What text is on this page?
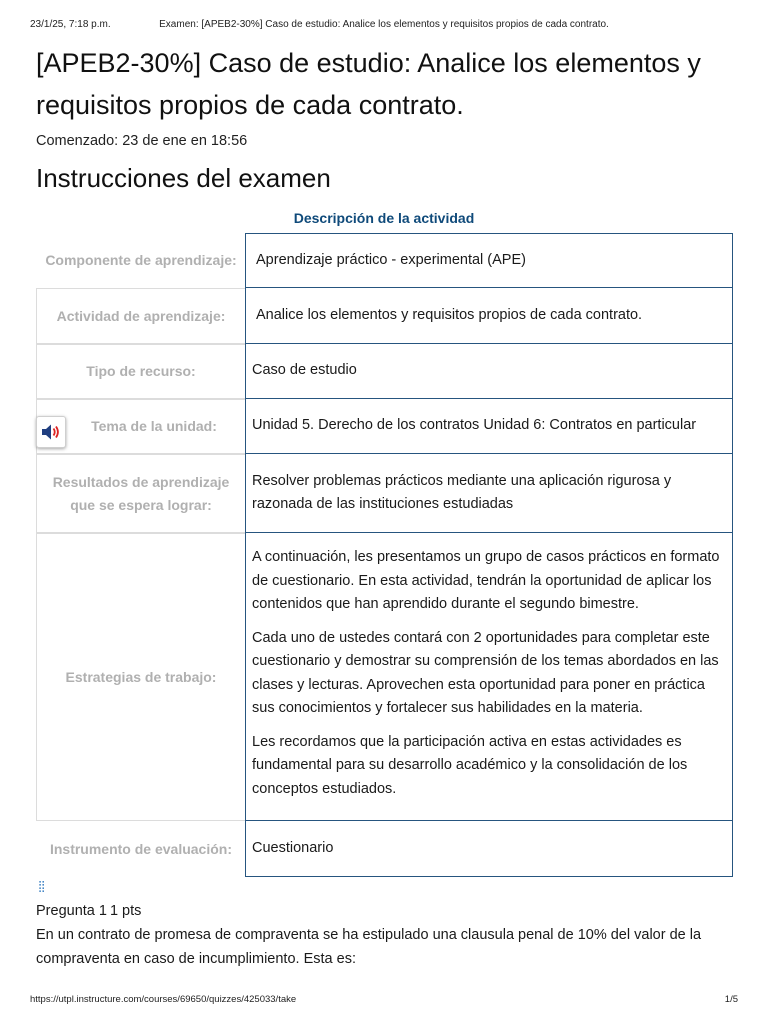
23/1/25, 7:18 p.m.	Examen: [APEB2-30%] Caso de estudio: Analice los elementos y requisitos propios de cada contrato.
[APEB2-30%] Caso de estudio: Analice los elementos y requisitos propios de cada contrato.
Comenzado: 23 de ene en 18:56
Instrucciones del examen
Descripción de la actividad
Componente de aprendizaje:	Aprendizaje práctico - experimental (APE)
Actividad de aprendizaje:	Analice los elementos y requisitos propios de cada contrato.
Tipo de recurso:	Caso de estudio
Tema de la unidad:	Unidad 5. Derecho de los contratos Unidad 6: Contratos en particular
Resultados de aprendizaje que se espera lograr:
Resolver problemas prácticos mediante una aplicación rigurosa y razonada de las instituciones estudiadas
Estrategias de trabajo:

A continuación, les presentamos un grupo de casos prácticos en formato de cuestionario. En esta actividad, tendrán la oportunidad de aplicar los contenidos que han aprendido durante el segundo bimestre.

Cada uno de ustedes contará con 2 oportunidades para completar este cuestionario y demostrar su comprensión de los temas abordados en las clases y lecturas. Aprovechen esta oportunidad para poner en práctica sus conocimientos y fortalecer sus habilidades en la materia.

Les recordamos que la participación activa en estas actividades es fundamental para su desarrollo académico y la consolidación de los conceptos estudiados.

Instrumento de evaluación:	Cuestionario
⁞⁞
Pregunta 1 1 pts
En un contrato de promesa de compraventa se ha estipulado una clausula penal de 10% del valor de la compraventa en caso de incumplimiento. Esta es:
https://utpl.instructure.com/courses/69650/quizzes/425033/take	1/5
